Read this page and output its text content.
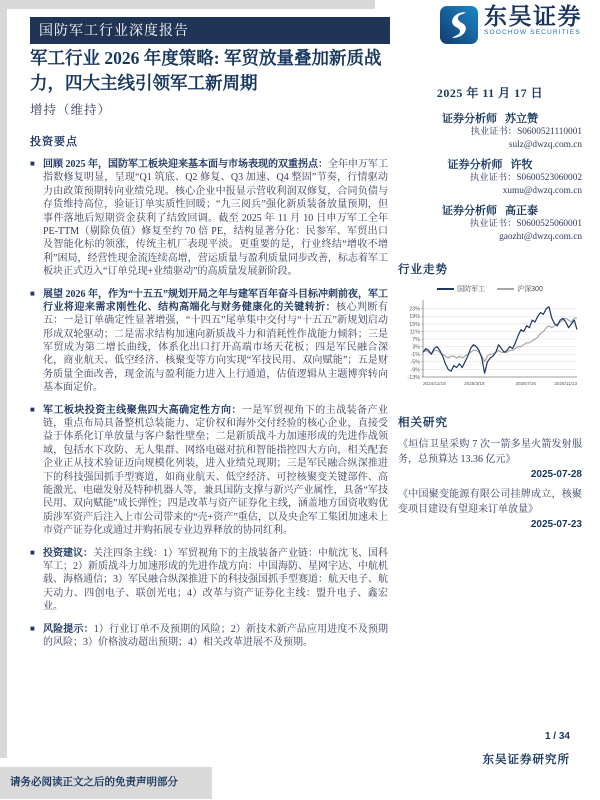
东吴证券
SOOCHOW SECURITIES
国防军工行业深度报告
军工行业 2026 年度策略: 军贸放量叠加新质战力，四大主线引领军工新周期
增持（维持）
投资要点
■ 回顾 2025 年，国防军工板块迎来基本面与市场表现的双重拐点：全年申万军工指数修复明显，呈现“Q1 筑底、Q2 修复、Q3 加速、Q4 整固”节奏，行情驱动力由政策预期转向业绩兑现。核心企业中报显示营收利润双修复，合同负债与存货维持高位，验证订单实质性回暖；“九三阅兵”强化新质装备放量预期，但事件落地后短期资金获利了结致回调。截至 2025 年 11 月 10 日申万军工全年 PE-TTM（剔除负值）修复至约 70 倍 PE，结构显著分化：民参军、军贸出口及智能化标的领涨，传统主机厂表现平淡。更重要的是，行业终结“增收不增利”困局，经营性现金流连续高增，营运质量与盈利质量同步改善，标志着军工板块正式迈入“订单兑现+业绩驱动”的高质量发展新阶段。
■ 展望 2026 年，作为“十五五”规划开局之年与建军百年奋斗目标冲刺前夜，军工行业将迎来需求刚性化、结构高端化与财务健康化的关键转折：核心判断有五：一是订单确定性显著增强，“十四五”尾单集中交付与“十五五”新规划启动形成双轮驱动；二是需求结构加速向新质战斗力和消耗性作战能力倾斜；三是军贸成为第二增长曲线，体系化出口打开高端市场天花板；四是军民融合深化，商业航天、低空经济、核聚变等方向实现“军技民用、双向赋能”；五是财务质量全面改善，现金流与盈利能力进入上行通道，估值逻辑从主题博弈转向基本面定价。
■ 军工板块投资主线聚焦四大高确定性方向：一是军贸视角下的主战装备产业链，重点布局具备整机总装能力、定价权和海外交付经验的核心企业，直接受益于体系化订单放量与客户黏性壁垒；二是新质战斗力加速形成的先进作战领域，包括水下攻防、无人集群、网络电磁对抗和智能指控四大方向，相关配套企业正从技术验证迈向规模化列装，进入业绩兑现期；三是军民融合纵深推进下的科技强国抓手型赛道，如商业航天、低空经济、可控核聚变关键部件、高能激光、电磁发射及特种机器人等，兼具国防支撑与新兴产业属性，具备“军技民用、双向赋能”成长弹性；四是改革与资产证券化主线，涵盖地方国资收购优质涉军资产后注入上市公司带来的“壳+资产”重估，以及央企军工集团加速未上市资产证券化或通过并购拓展专业边界释放的协同红利。
■ 投资建议：关注四条主线：1）军贸视角下的主战装备产业链：中航沈飞、国科军工；2）新质战斗力加速形成的先进作战方向：中国海防、星网宇达、中航机载、海格通信；3）军民融合纵深推进下的科技强国抓手型赛道：航天电子、航天动力、四创电子、联创光电；4）改革与资产证券化主线：盟升电子、鑫宏业。
■ 风险提示：1）行业订单不及预期的风险；2）新技术新产品应用进度不及预期的风险；3）价格波动超出预期；4）相关改革进展不及预期。
2025 年 11 月 17 日
证券分析师 苏立赞
执业证书：S0600521110001
sulz@dwzq.com.cn
证券分析师 许牧
执业证书：S0600523060002
xumu@dwzq.com.cn
证券分析师 高正泰
执业证书：S0600525060001
gaozht@dwzq.com.cn
行业走势
国防军工	沪深300
23%
19%
15%
11%
7%
3%
-1%
-5%
-9%
-13%
2024/11/18	2025/3/18	2025/7/16	2025/11/13
相关研究
《垣信卫星采购 7 次一箭多星火箭发射服务，总预算达 13.36 亿元》
2025-07-28
《中国聚变能源有限公司挂牌成立，核聚变项目建设有望迎来订单放量》
2025-07-23
1 / 34
东吴证券研究所
请务必阅读正文之后的免责声明部分
